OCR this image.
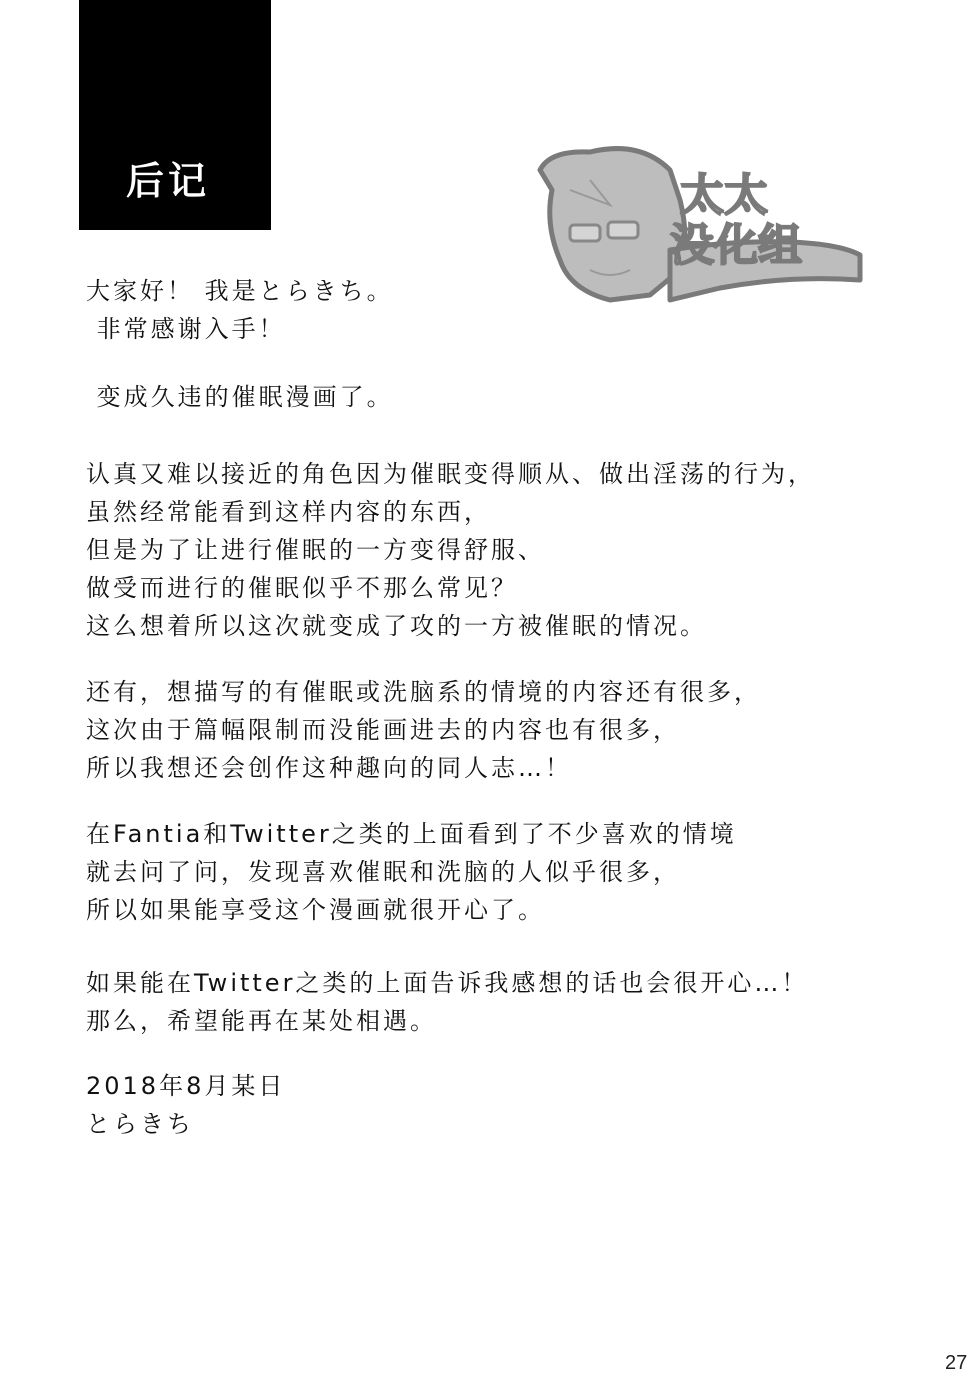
后记	太太
没化组
大家好！ 我是とらきち。
非常感谢入手！
变成久违的催眠漫画了。
认真又难以接近的角色因为催眠变得顺从、做出淫荡的行为，
虽然经常能看到这样内容的东西，
但是为了让进行催眠的一方变得舒服、
做受而进行的催眠似乎不那么常见？
这么想着所以这次就变成了攻的一方被催眠的情况。
还有，想描写的有催眠或洗脑系的情境的内容还有很多，
这次由于篇幅限制而没能画进去的内容也有很多，
所以我想还会创作这种趣向的同人志…！
在Fantia和Twitter之类的上面看到了不少喜欢的情境
就去问了问，发现喜欢催眠和洗脑的人似乎很多，
所以如果能享受这个漫画就很开心了。
如果能在Twitter之类的上面告诉我感想的话也会很开心…！
那么，希望能再在某处相遇。
2018年8月某日
とらきち
27
